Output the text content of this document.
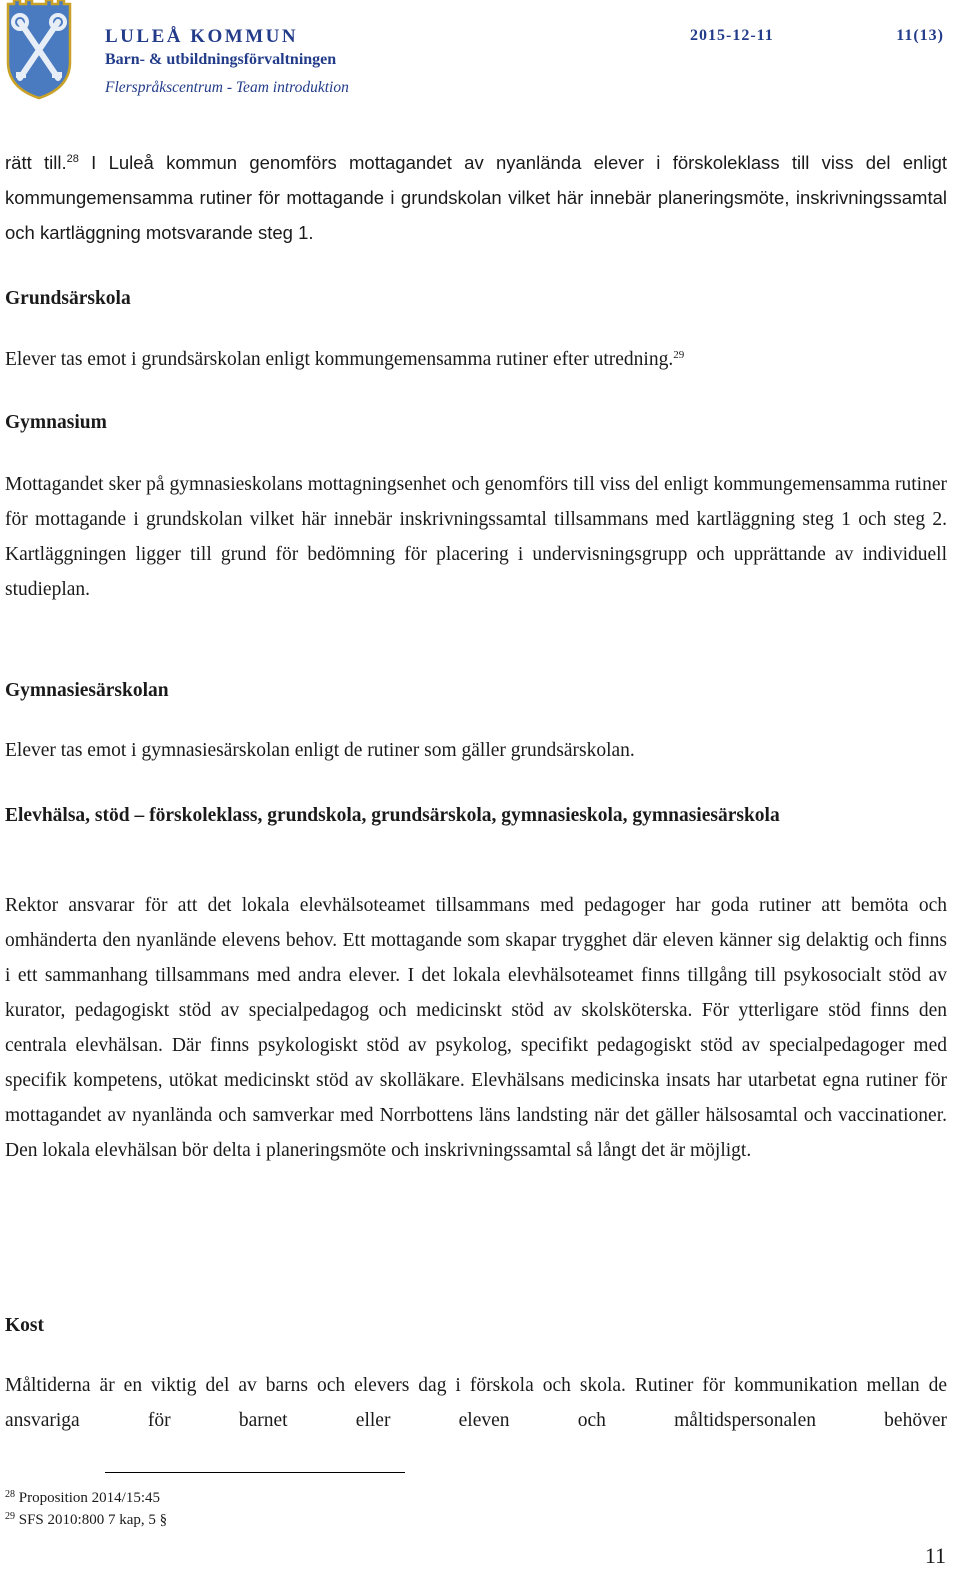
LULEÅ KOMMUN
Barn- & utbildningsförvaltningen
Flerspråkscentrum - Team introduktion
2015-12-11	11(13)
rätt till.$^{28}$ I Luleå kommun genomförs mottagandet av nyanlända elever i förskoleklass till viss del enligt kommungemensamma rutiner för mottagande i grundskolan vilket här innebär planeringsmöte, inskrivningssamtal och kartläggning motsvarande steg 1.
Grundsärskola
Elever tas emot i grundsärskolan enligt kommungemensamma rutiner efter utredning.$^{29}$
Gymnasium
Mottagandet sker på gymnasieskolans mottagningsenhet och genomförs till viss del enligt kommungemensamma rutiner för mottagande i grundskolan vilket här innebär inskrivningssamtal tillsammans med kartläggning steg 1 och steg 2. Kartläggningen ligger till grund för bedömning för placering i undervisningsgrupp och upprättande av individuell studieplan.
Gymnasiesärskolan
Elever tas emot i gymnasiesärskolan enligt de rutiner som gäller grundsärskolan.
Elevhälsa, stöd – förskoleklass, grundskola, grundsärskola, gymnasieskola, gymnasiesärskola
Rektor ansvarar för att det lokala elevhälsoteamet tillsammans med pedagoger har goda rutiner att bemöta och omhänderta den nyanlände elevens behov. Ett mottagande som skapar trygghet där eleven känner sig delaktig och finns i ett sammanhang tillsammans med andra elever. I det lokala elevhälsoteamet finns tillgång till psykosocialt stöd av kurator, pedagogiskt stöd av specialpedagog och medicinskt stöd av skolsköterska. För ytterligare stöd finns den centrala elevhälsan. Där finns psykologiskt stöd av psykolog, specifikt pedagogiskt stöd av specialpedagoger med specifik kompetens, utökat medicinskt stöd av skolläkare. Elevhälsans medicinska insats har utarbetat egna rutiner för mottagandet av nyanlända och samverkar med Norrbottens läns landsting när det gäller hälsosamtal och vaccinationer. Den lokala elevhälsan bör delta i planeringsmöte och inskrivningssamtal så långt det är möjligt.
Kost
Måltiderna är en viktig del av barns och elevers dag i förskola och skola. Rutiner för kommunikation mellan de ansvariga för barnet eller eleven och måltidspersonalen behöver
$^{28}$ Proposition 2014/15:45
$^{29}$ SFS 2010:800 7 kap, 5 §
11
